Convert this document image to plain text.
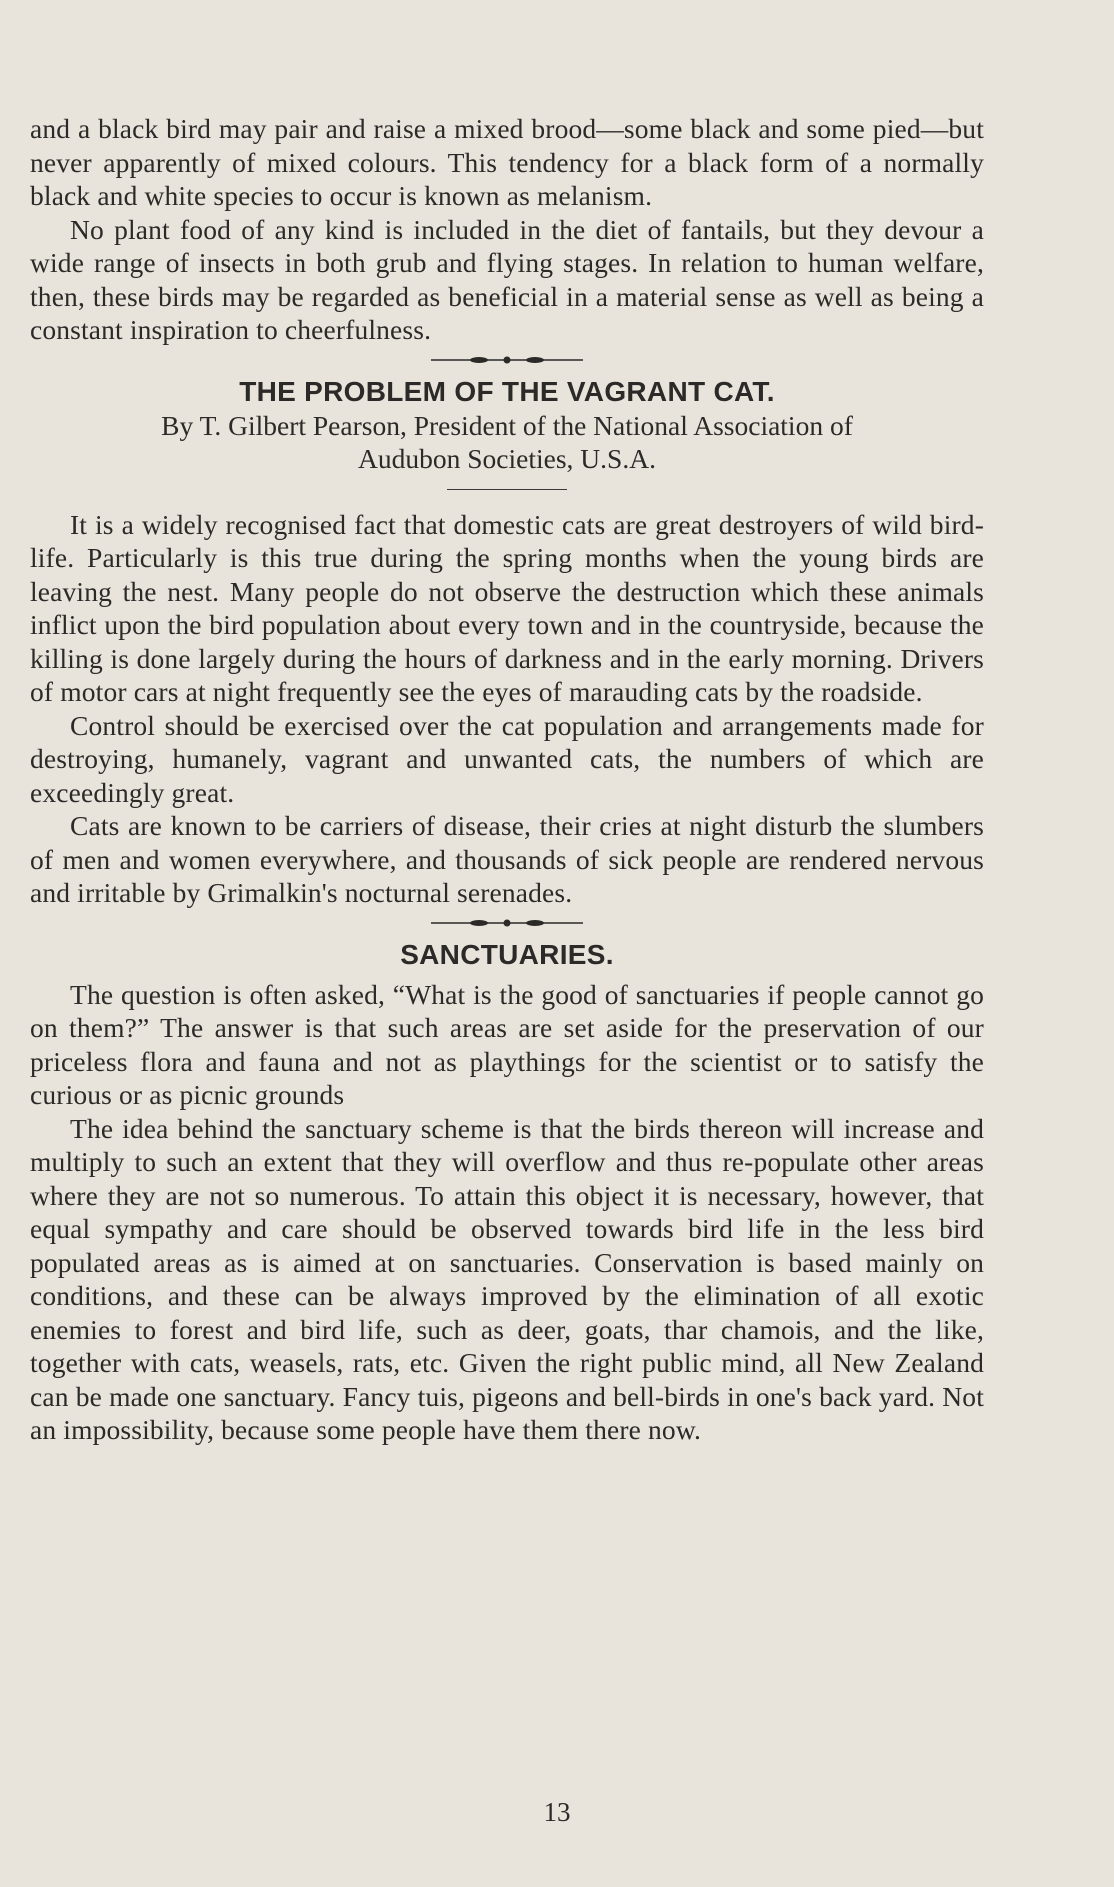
and a black bird may pair and raise a mixed brood—some black and some pied—but never apparently of mixed colours. This tendency for a black form of a normally black and white species to occur is known as melanism.

No plant food of any kind is included in the diet of fantails, but they devour a wide range of insects in both grub and flying stages. In relation to human welfare, then, these birds may be regarded as beneficial in a material sense as well as being a constant inspiration to cheerfulness.

THE PROBLEM OF THE VAGRANT CAT.

By T. Gilbert Pearson, President of the National Association of

Audubon Societies, U.S.A.

It is a widely recognised fact that domestic cats are great destroyers of wild bird-life. Particularly is this true during the spring months when the young birds are leaving the nest. Many people do not observe the destruction which these animals inflict upon the bird population about every town and in the countryside, because the killing is done largely during the hours of darkness and in the early morning. Drivers of motor cars at night frequently see the eyes of marauding cats by the roadside.

Control should be exercised over the cat population and arrangements made for destroying, humanely, vagrant and unwanted cats, the numbers of which are exceedingly great.

Cats are known to be carriers of disease, their cries at night disturb the slumbers of men and women everywhere, and thousands of sick people are rendered nervous and irritable by Grimalkin's nocturnal serenades.

SANCTUARIES.

The question is often asked, “What is the good of sanctuaries if people cannot go on them?” The answer is that such areas are set aside for the preservation of our priceless flora and fauna and not as playthings for the scientist or to satisfy the curious or as picnic grounds

The idea behind the sanctuary scheme is that the birds thereon will increase and multiply to such an extent that they will overflow and thus re-populate other areas where they are not so numerous. To attain this object it is necessary, however, that equal sympathy and care should be observed towards bird life in the less bird populated areas as is aimed at on sanctuaries. Conservation is based mainly on conditions, and these can be always improved by the elimination of all exotic enemies to forest and bird life, such as deer, goats, thar chamois, and the like, together with cats, weasels, rats, etc. Given the right public mind, all New Zealand can be made one sanctuary. Fancy tuis, pigeons and bell-birds in one's back yard. Not an impossibility, because some people have them there now.

13
